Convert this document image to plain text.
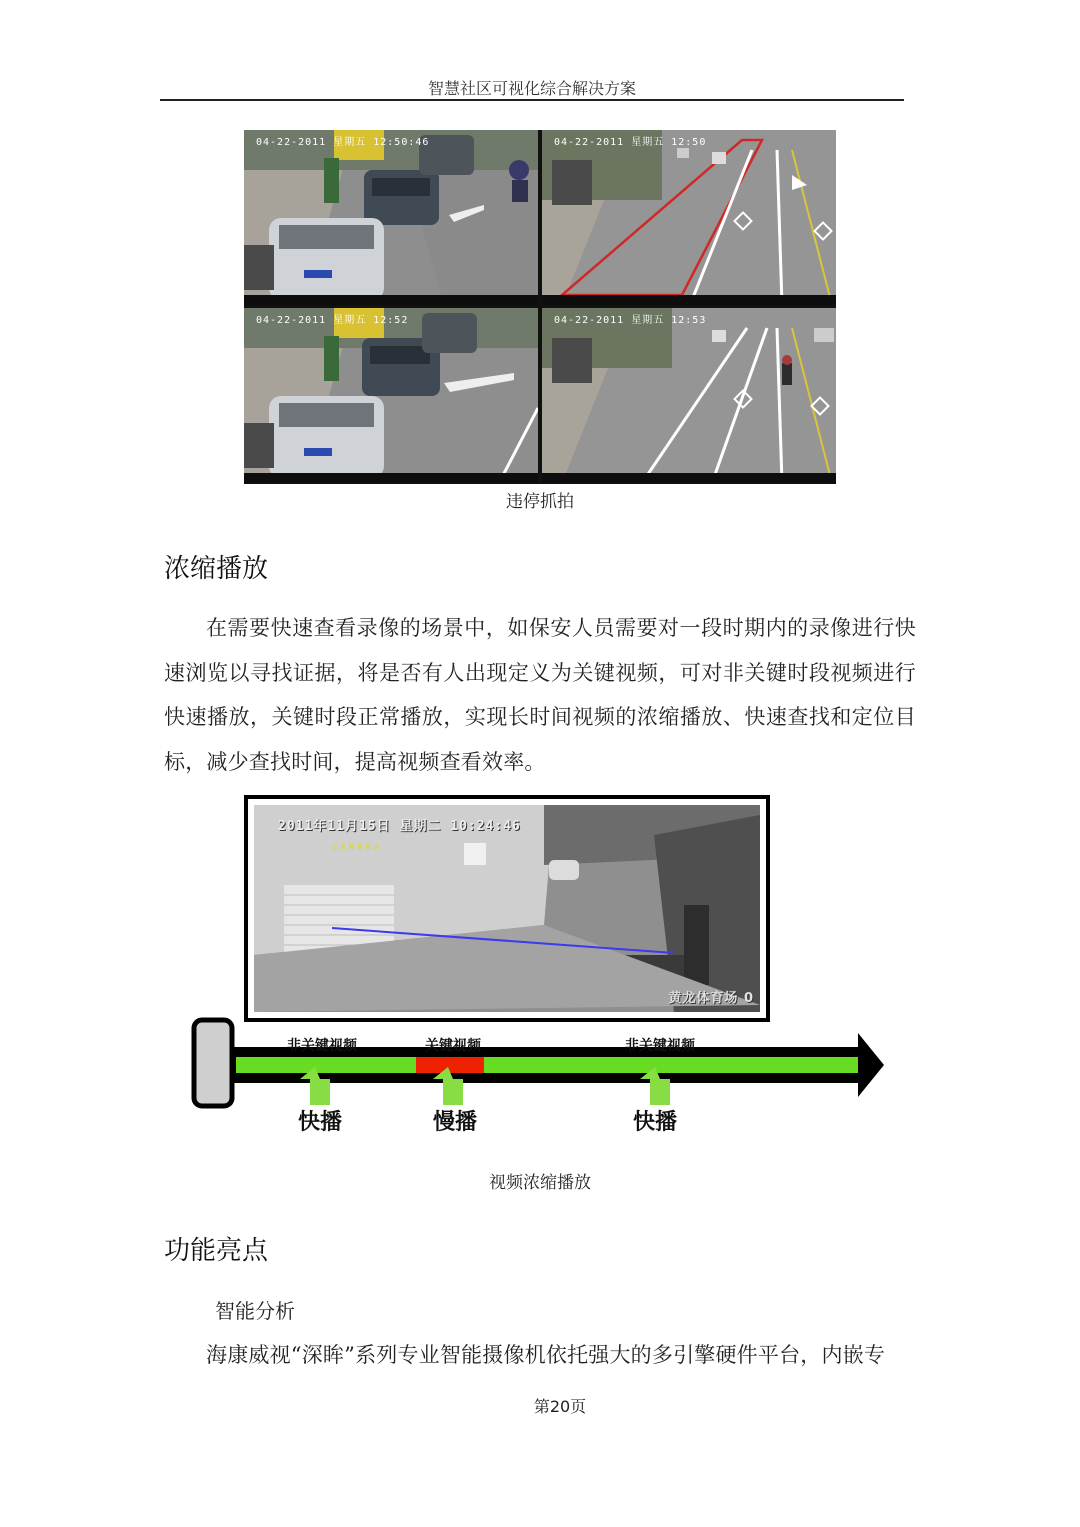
智慧社区可视化综合解决方案
04-22-2011 星期五 12:50:46	04-22-2011 星期五 12:50
04-22-2011 星期五 12:52	04-22-2011 星期五 12:53
违停抓拍
浓缩播放

在需要快速查看录像的场景中，如保安人员需要对一段时期内的录像进行快速浏览以寻找证据，将是否有人出现定义为关键视频，可对非关键时段视频进行快速播放，关键时段正常播放，实现长时间视频的浓缩播放、快速查找和定位目标，减少查找时间，提高视频查看效率。

2011年11月15日 星期二 10:24:46
CAMERA
黄龙体育场 0
非关键视频	关键视频	非关键视频
快播	慢播	快播
视频浓缩播放
功能亮点
智能分析

海康威视“深眸”系列专业智能摄像机依托强大的多引擎硬件平台，内嵌专

第20页
